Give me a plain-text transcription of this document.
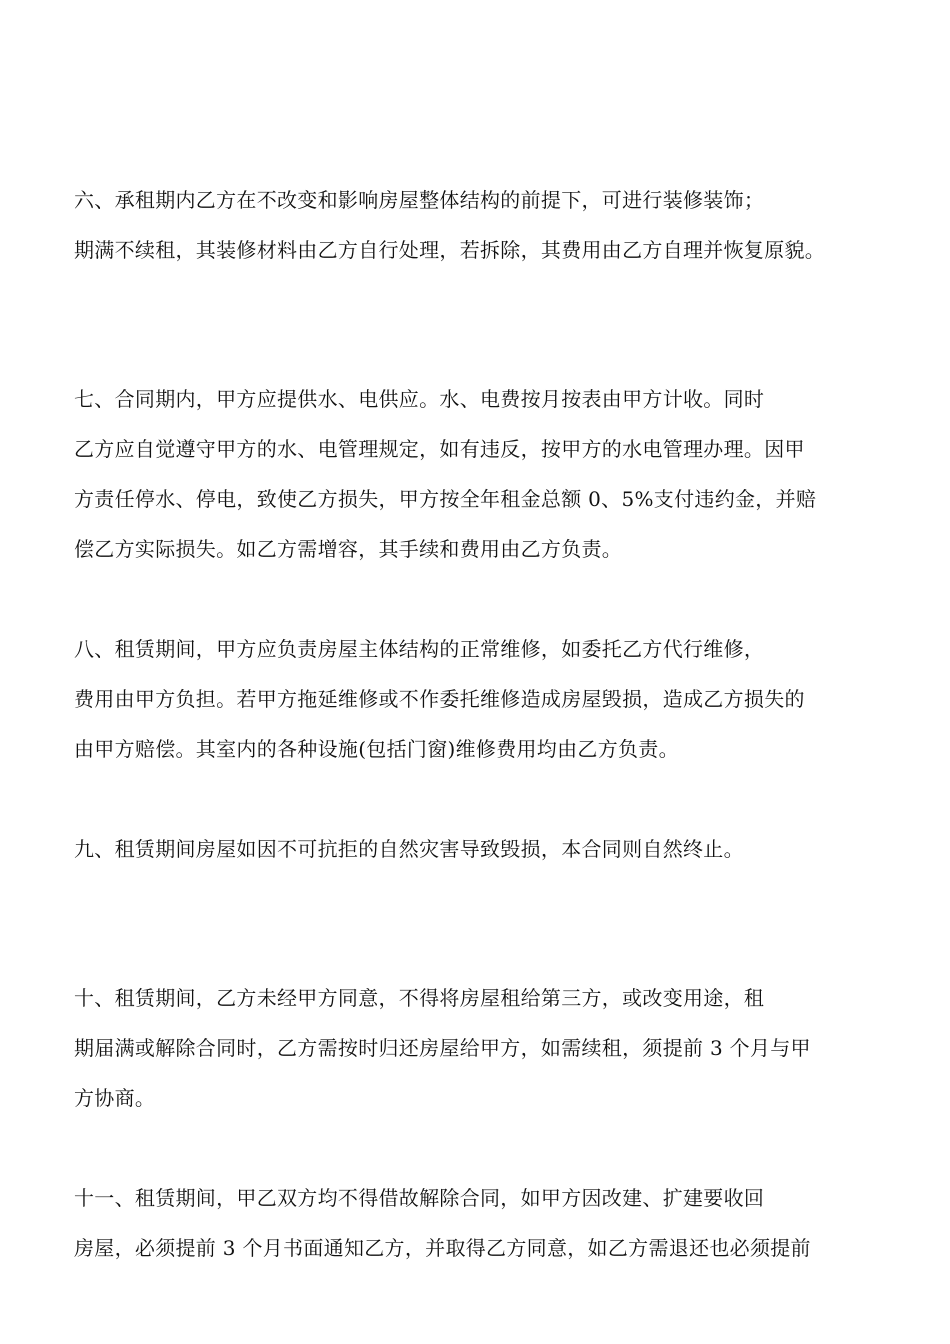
六、承租期内乙方在不改变和影响房屋整体结构的前提下，可进行装修装饰；
期满不续租，其装修材料由乙方自行处理，若拆除，其费用由乙方自理并恢复原貌。
七、合同期内，甲方应提供水、电供应。水、电费按月按表由甲方计收。同时
乙方应自觉遵守甲方的水、电管理规定，如有违反，按甲方的水电管理办理。因甲
方责任停水、停电，致使乙方损失，甲方按全年租金总额 0、5%支付违约金，并赔
偿乙方实际损失。如乙方需增容，其手续和费用由乙方负责。
八、租赁期间，甲方应负责房屋主体结构的正常维修，如委托乙方代行维修，
费用由甲方负担。若甲方拖延维修或不作委托维修造成房屋毁损，造成乙方损失的
由甲方赔偿。其室内的各种设施(包括门窗)维修费用均由乙方负责。
九、租赁期间房屋如因不可抗拒的自然灾害导致毁损，本合同则自然终止。
十、租赁期间，乙方未经甲方同意，不得将房屋租给第三方，或改变用途，租
期届满或解除合同时，乙方需按时归还房屋给甲方，如需续租，须提前 3 个月与甲
方协商。
十一、租赁期间，甲乙双方均不得借故解除合同，如甲方因改建、扩建要收回
房屋，必须提前 3 个月书面通知乙方，并取得乙方同意，如乙方需退还也必须提前
